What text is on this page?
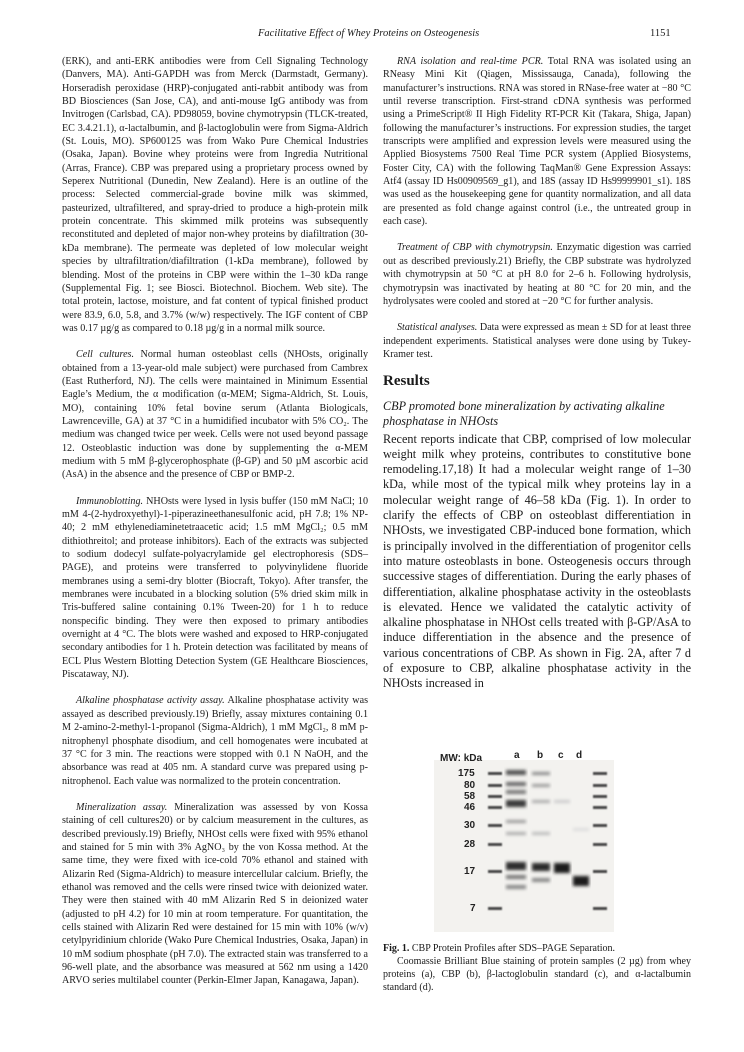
Facilitative Effect of Whey Proteins on Osteogenesis	1151

(ERK), and anti-ERK antibodies were from Cell Signaling Technology (Danvers, MA). Anti-GAPDH was from Merck (Darmstadt, Germany). Horseradish peroxidase (HRP)-conjugated anti-rabbit antibody was from BD Biosciences (San Jose, CA), and anti-mouse IgG antibody was from Invitrogen (Carlsbad, CA). PD98059, bovine chymotrypsin (TLCK-treated, EC 3.4.21.1), α-lactalbumin, and β-lactoglobulin were from Sigma-Aldrich (St. Louis, MO). SP600125 was from Wako Pure Chemical Industries (Osaka, Japan). Bovine whey proteins were from Ingredia Nutritional (Arras, France). CBP was prepared using a proprietary process owned by Seperex Nutritional (Dunedin, New Zealand). Here is an outline of the process: Selected commercial-grade bovine milk was skimmed, pasteurized, ultrafiltered, and spray-dried to produce a high-protein milk protein concentrate. This skimmed milk proteins was subsequently reconstituted and depleted of major non-whey proteins by diafiltration (30-kDa membrane). The permeate was depleted of low molecular weight species by ultrafiltration/diafiltration (1-kDa membrane), followed by blending. Most of the proteins in CBP were within the 1–30 kDa range (Supplemental Fig. 1; see Biosci. Biotechnol. Biochem. Web site). The total protein, lactose, moisture, and fat content of typical finished product were 83.9, 6.0, 5.8, and 3.7% (w/w) respectively. The IGF content of CBP was 0.17 µg/g as compared to 0.18 µg/g in a normal milk source.

Cell cultures. Normal human osteoblast cells (NHOsts, originally obtained from a 13-year-old male subject) were purchased from Cambrex (East Rutherford, NJ). The cells were maintained in Minimum Essential Eagle’s Medium, the α modification (α-MEM; Sigma-Aldrich, St. Louis, MO), containing 10% fetal bovine serum (Atlanta Biologicals, Lawrenceville, GA) at 37 °C in a humidified incubator with 5% CO₂. The medium was changed twice per week. Cells were not used beyond passage 12. Osteoblastic induction was done by supplementing the α-MEM medium with 5 mM β-glycerophosphate (β-GP) and 50 µM ascorbic acid (AsA) in the absence and the presence of CBP or BMP-2.

Immunoblotting. NHOsts were lysed in lysis buffer (150 mM NaCl; 10 mM 4-(2-hydroxyethyl)-1-piperazineethanesulfonic acid, pH 7.8; 1% NP-40; 2 mM ethylenediaminetetraacetic acid; 1.5 mM MgCl₂; 0.5 mM dithiothreitol; and protease inhibitors). Each of the extracts was subjected to sodium dodecyl sulfate-polyacrylamide gel electrophoresis (SDS–PAGE), and proteins were transferred to polyvinylidene fluoride membranes using a semi-dry blotter (Biocraft, Tokyo). After transfer, the membranes were incubated in a blocking solution (5% dried skim milk in Tris-buffered saline containing 0.1% Tween-20) for 1 h to reduce nonspecific binding. They were then exposed to primary antibodies overnight at 4 °C. The blots were washed and exposed to HRP-conjugated secondary antibodies for 1 h. Protein detection was facilitated by means of ECL Plus Western Blotting Detection System (GE Healthcare Biosciences, Piscataway, NJ).

Alkaline phosphatase activity assay. Alkaline phosphatase activity was assayed as described previously.19) Briefly, assay mixtures containing 0.1 M 2-amino-2-methyl-1-propanol (Sigma-Aldrich), 1 mM MgCl₂, 8 mM p-nitrophenyl phosphate disodium, and cell homogenates were incubated at 37 °C for 3 min. The reactions were stopped with 0.1 N NaOH, and the absorbance was read at 405 nm. A standard curve was prepared using p-nitrophenol. Each value was normalized to the protein concentration.

Mineralization assay. Mineralization was assessed by von Kossa staining of cell cultures20) or by calcium measurement in the cultures, as described previously.19) Briefly, NHOst cells were fixed with 95% ethanol and stained for 5 min with 3% AgNO₃ by the von Kossa method. At the same time, they were fixed with ice-cold 70% ethanol and stained with Alizarin Red (Sigma-Aldrich) to measure intercellular calcium. Briefly, the ethanol was removed and the cells were rinsed twice with deionized water. They were then stained with 40 mM Alizarin Red S in deionized water (adjusted to pH 4.2) for 10 min at room temperature. For quantitation, the cells stained with Alizarin Red were destained for 15 min with 10% (w/v) cetylpyridinium chloride (Wako Pure Chemical Industries, Osaka, Japan) in 10 mM sodium phosphate (pH 7.0). The extracted stain was transferred to a 96-well plate, and the absorbance was measured at 562 nm using a 1420 ARVO series multilabel counter (Perkin-Elmer Japan, Kanagawa, Japan).

RNA isolation and real-time PCR. Total RNA was isolated using an RNeasy Mini Kit (Qiagen, Mississauga, Canada), following the manufacturer’s instructions. RNA was stored in RNase-free water at −80 °C until reverse transcription. First-strand cDNA synthesis was performed using a PrimeScript® II High Fidelity RT-PCR Kit (Takara, Shiga, Japan) following the manufacturer’s instructions. For expression studies, the target transcripts were amplified and expression levels were measured using the Applied Biosystems 7500 Real Time PCR system (Applied Biosystems, Foster City, CA) with the following TaqMan® Gene Expression Assays: Atf4 (assay ID Hs00909569_g1), and 18S (assay ID Hs99999901_s1). 18S was used as the housekeeping gene for quantity normalization, and all data are presented as fold change against control (i.e., the untreated group in each case).

Treatment of CBP with chymotrypsin. Enzymatic digestion was carried out as described previously.21) Briefly, the CBP substrate was hydrolyzed with chymotrypsin at 50 °C at pH 8.0 for 2–6 h. Following hydrolysis, chymotrypsin was inactivated by heating at 80 °C for 20 min, and the hydrolysates were cooled and stored at −20 °C for further analysis.

Statistical analyses. Data were expressed as mean ± SD for at least three independent experiments. Statistical analyses were done using by Tukey-Kramer test.

Results

CBP promoted bone mineralization by activating alkaline phosphatase in NHOsts

Recent reports indicate that CBP, comprised of low molecular weight milk whey proteins, contributes to constitutive bone remodeling.17,18) It had a molecular weight range of 1–30 kDa, while most of the typical milk whey proteins lay in a molecular weight range of 46–58 kDa (Fig. 1). In order to clarify the effects of CBP on osteoblast differentiation in NHOsts, we investigated CBP-induced bone formation, which is principally involved in the differentiation of progenitor cells into mature osteoblasts in bone. Osteogenesis occurs through successive stages of differentiation. During the early phases of differentiation, alkaline phosphatase activity in the osteoblasts is elevated. Hence we validated the catalytic activity of alkaline phosphatase in NHOst cells treated with β-GP/AsA to induce differentiation in the absence and the presence of various concentrations of CBP. As shown in Fig. 2A, after 7 d of exposure to CBP, alkaline phosphatase activity in the NHOsts increased in

MW: kDa	a b c d
175
80
58
46
30
28
17
7
Fig. 1. CBP Protein Profiles after SDS–PAGE Separation.
Coomassie Brilliant Blue staining of protein samples (2 µg) from whey proteins (a), CBP (b), β-lactoglobulin standard (c), and α-lactalbumin standard (d).
